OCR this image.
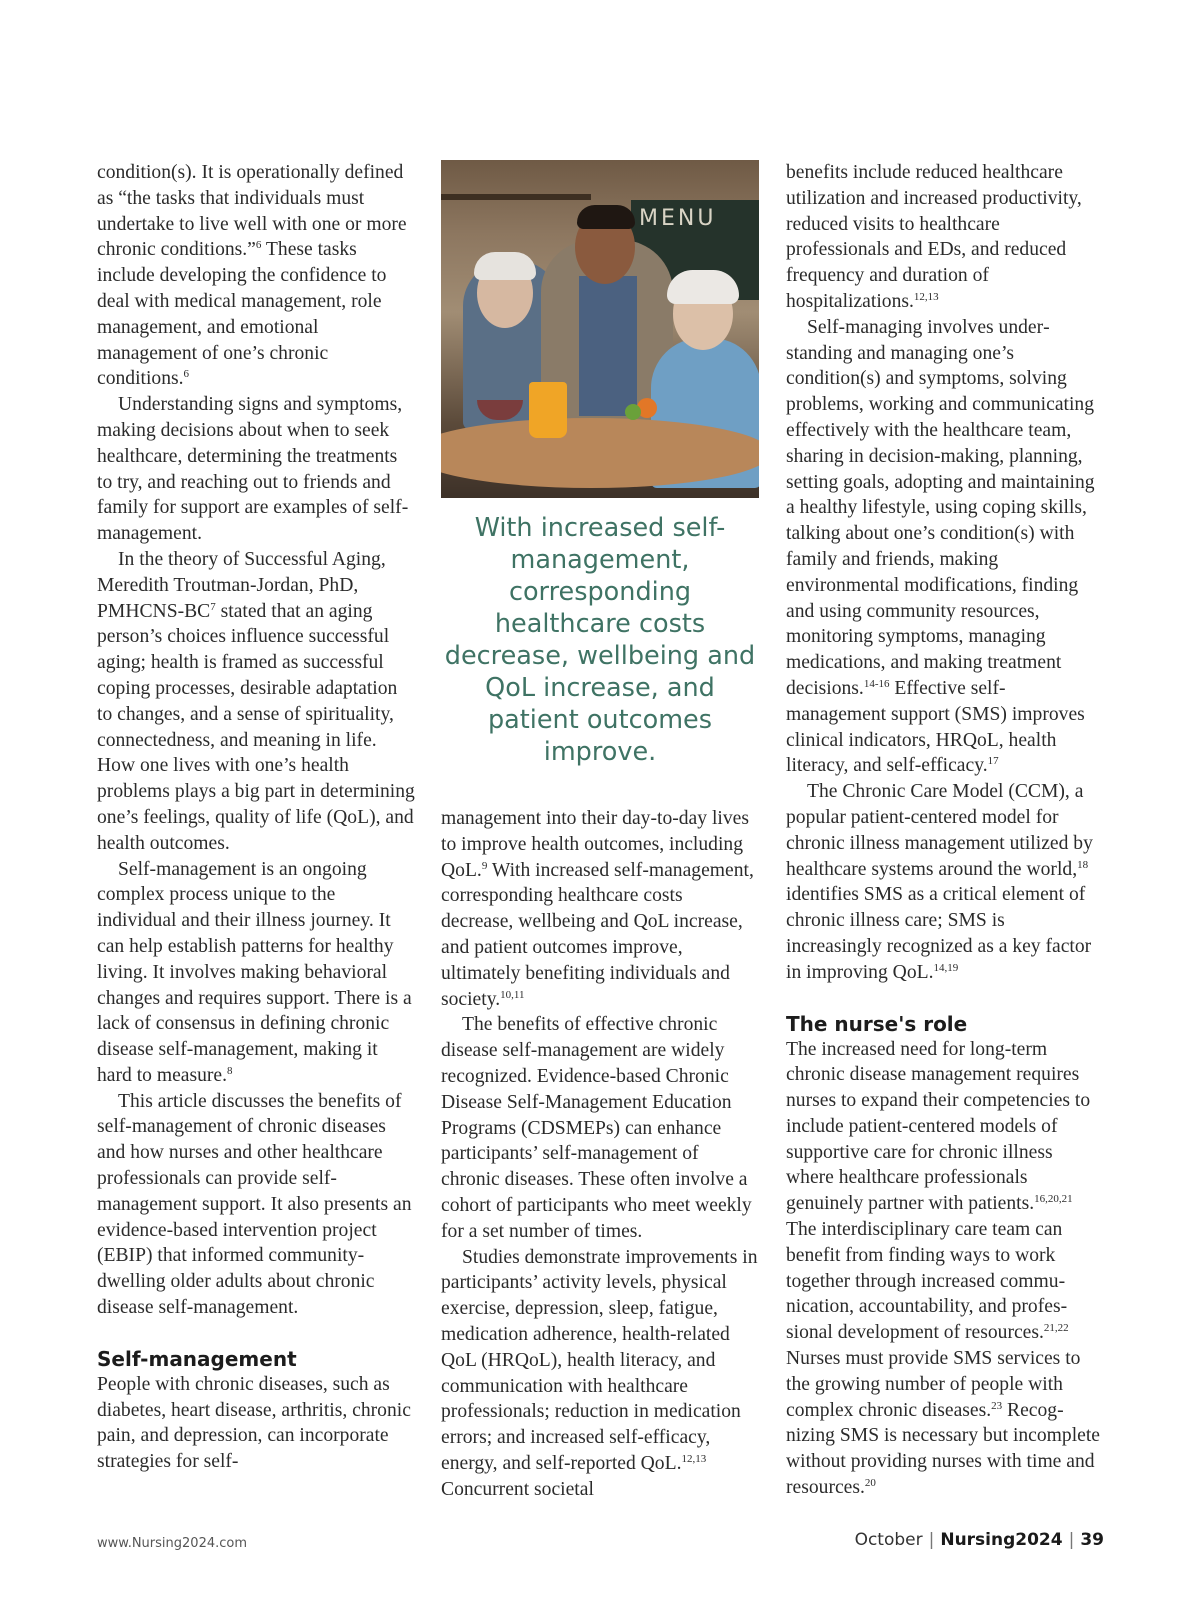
condition(s). It is operationally defined as “the tasks that individuals must undertake to live well with one or more chronic conditions.”$^6$ These tasks include developing the confidence to deal with medical management, role management, and emotional management of one’s chronic conditions.$^6$

Understanding signs and symptoms, making decisions about when to seek healthcare, determining the treatments to try, and reaching out to friends and family for support are examples of self-management.

In the theory of Successful Aging, Meredith Troutman-Jordan, PhD, PMHCNS-$BC^7$ stated that an aging person’s choices influence successful aging; health is framed as successful coping processes, desirable adaptation to changes, and a sense of spirituality, connectedness, and meaning in life. How one lives with one’s health problems plays a big part in determining one’s feelings, quality of life (QoL), and health outcomes.

Self-management is an ongoing complex process unique to the individual and their illness journey. It can help establish patterns for healthy living. It involves making behavioral changes and requires support. There is a lack of consensus in defining chronic disease self-management, making it hard to measure.$^8$

This article discusses the benefits of self-management of chronic diseases and how nurses and other healthcare professionals can provide self-management support. It also presents an evidence-based intervention project (EBIP) that informed community-dwelling older adults about chronic disease self-management.

Self-management

People with chronic diseases, such as diabetes, heart disease, arthritis, chronic pain, and depression, can incorporate strategies for self-

MENU
With increased self-management, corresponding healthcare costs decrease, wellbeing and QoL increase, and patient outcomes improve.

management into their day-to-day lives to improve health outcomes, including QoL.$^9$ With increased self-management, corresponding healthcare costs decrease, wellbeing and QoL increase, and patient outcomes improve, ultimately benefiting individuals and society.$^{10,11}$

The benefits of effective chronic disease self-management are widely recognized. Evidence-based Chronic Disease Self-Management Education Programs (CDSMEPs) can enhance participants’ self-management of chronic diseases. These often involve a cohort of participants who meet weekly for a set number of times.

Studies demonstrate improvements in participants’ activity levels, physical exercise, depression, sleep, fatigue, medication adherence, health-related QoL (HRQoL), health literacy, and communication with healthcare professionals; reduction in medication errors; and increased self-efficacy, energy, and self-reported QoL.$^{12,13}$ Concurrent societal

benefits include reduced healthcare utilization and increased productivity, reduced visits to healthcare professionals and EDs, and reduced frequency and duration of hospitalizations.$^{12,13}$

Self-managing involves understanding and managing one’s condition(s) and symptoms, solving problems, working and communicating effectively with the healthcare team, sharing in decision-making, planning, setting goals, adopting and maintaining a healthy lifestyle, using coping skills, talking about one’s condition(s) with family and friends, making environmental modifications, finding and using community resources, monitoring symptoms, managing medications, and making treatment decisions.$^{14-16}$ Effective self-management support (SMS) improves clinical indicators, HRQoL, health literacy, and self-efficacy.$^{17}$

The Chronic Care Model (CCM), a popular patient-centered model for chronic illness management utilized by healthcare systems around the world,$^{18}$ identifies SMS as a critical element of chronic illness care; SMS is increasingly recognized as a key factor in improving QoL.$^{14,19}$

The nurse's role

The increased need for long-term chronic disease management requires nurses to expand their competencies to include patient-centered models of supportive care for chronic illness where healthcare professionals genuinely partner with patients.$^{16,20,21}$ The interdisciplinary care team can benefit from finding ways to work together through increased communication, accountability, and professional development of resources.$^{21,22}$ Nurses must provide SMS services to the growing number of people with complex chronic diseases.$^{23}$ Recognizing SMS is necessary but incomplete without providing nurses with time and resources.$^{20}$

www.Nursing2024.com	October | Nursing2024 | 39
